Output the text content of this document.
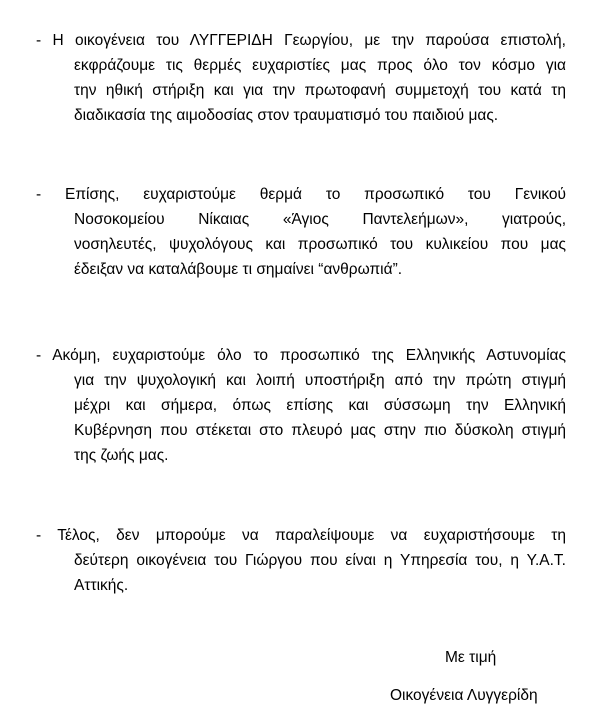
- Η οικογένεια του ΛΥΓΓΕΡΙΔΗ Γεωργίου, με την παρούσα επιστολή,
εκφράζουμε τις θερμές ευχαριστίες μας προς όλο τον κόσμο για
την ηθική στήριξη και για την πρωτοφανή συμμετοχή του κατά τη
διαδικασία της αιμοδοσίας στον τραυματισμό του παιδιού μας.
- Επίσης, ευχαριστούμε θερμά το προσωπικό του Γενικού
Νοσοκομείου Νίκαιας «Άγιος Παντελεήμων», γιατρούς,
νοσηλευτές, ψυχολόγους και προσωπικό του κυλικείου που μας
έδειξαν να καταλάβουμε τι σημαίνει “ανθρωπιά”.
- Ακόμη, ευχαριστούμε όλο το προσωπικό της Ελληνικής Αστυνομίας
για την ψυχολογική και λοιπή υποστήριξη από την πρώτη στιγμή
μέχρι και σήμερα, όπως επίσης και σύσσωμη την Ελληνική
Κυβέρνηση που στέκεται στο πλευρό μας στην πιο δύσκολη στιγμή
της ζωής μας.
- Τέλος, δεν μπορούμε να παραλείψουμε να ευχαριστήσουμε τη
δεύτερη οικογένεια του Γιώργου που είναι η Υπηρεσία του, η Υ.Α.Τ.
Αττικής.
Με τιμή
Οικογένεια Λυγγερίδη
